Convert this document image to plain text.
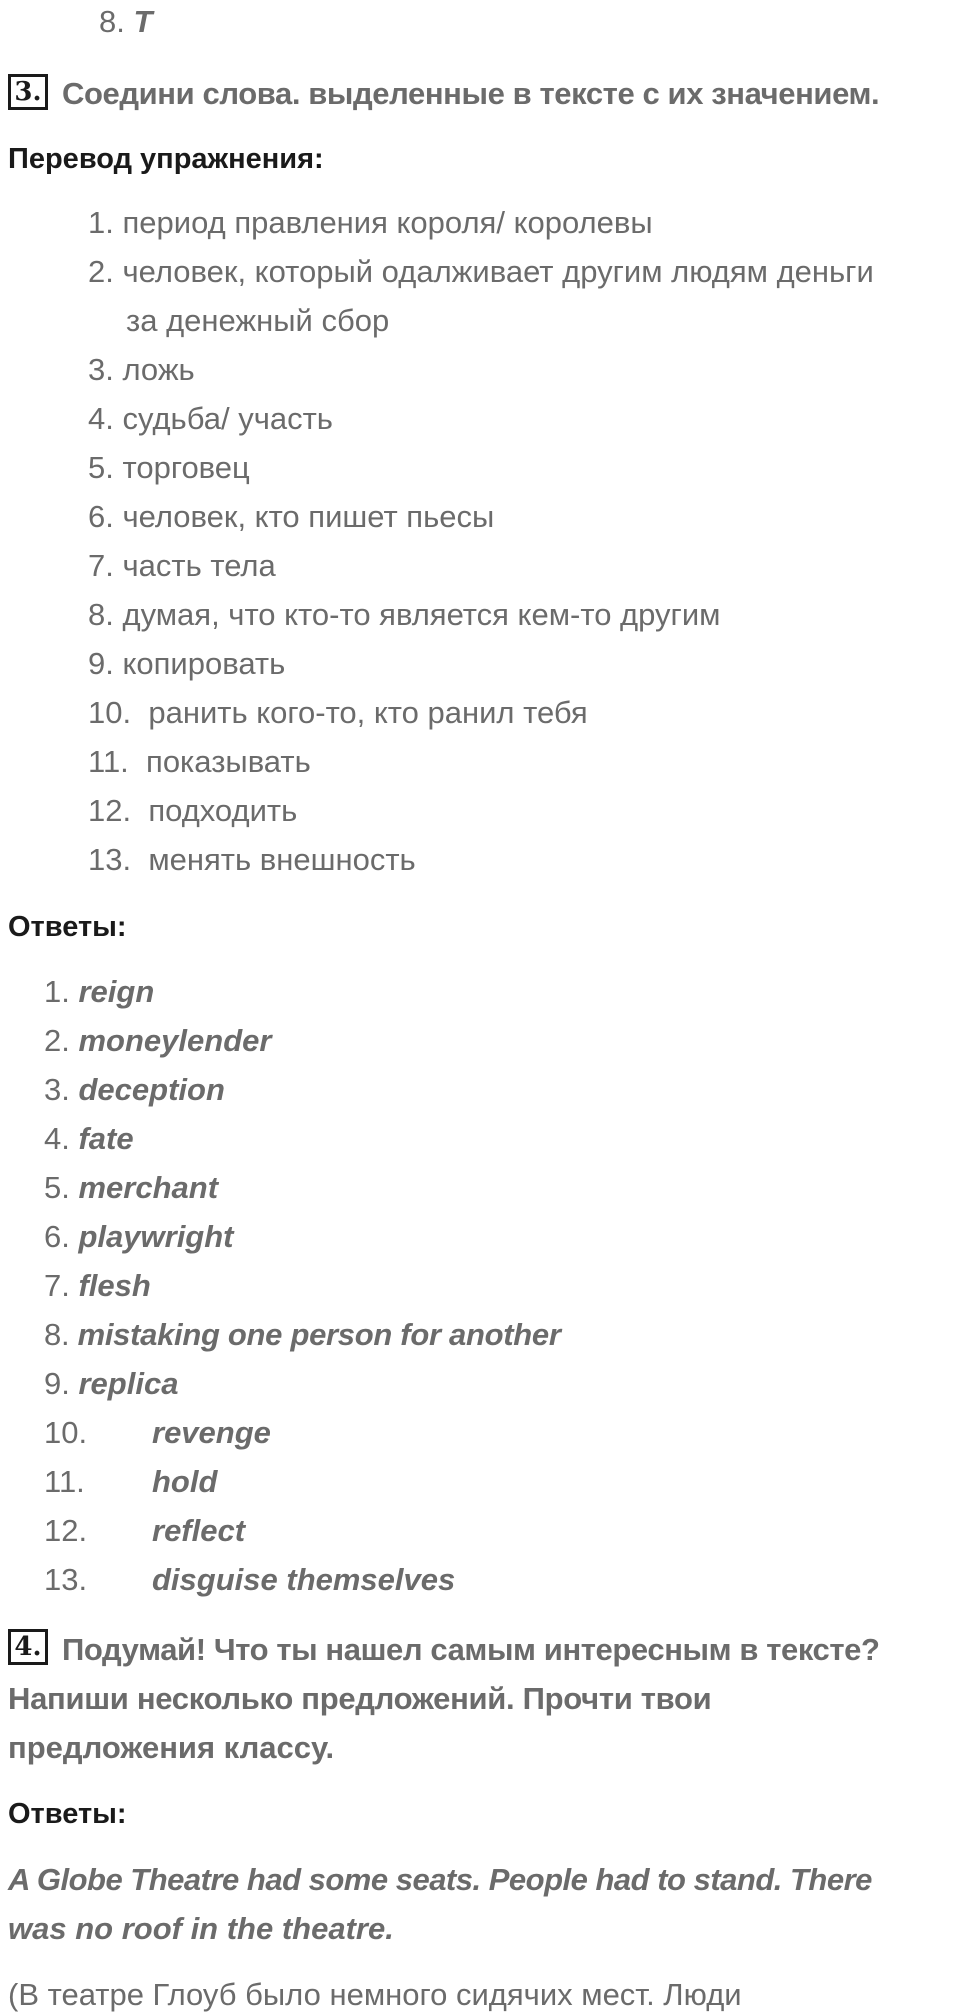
8. T
3. Соедини слова. выделенные в тексте с их значением.
Перевод упражнения:
1. период правления короля/ королевы
2. человек, который одалживает другим людям деньги
за денежный сбор
3. ложь
4. судьба/ участь
5. торговец
6. человек, кто пишет пьесы
7. часть тела
8. думая, что кто-то является кем-то другим
9. копировать
10. ранить кого-то, кто ранил тебя
11. показывать
12. подходить
13. менять внешность
Ответы:
1. reign
2. moneylender
3. deception
4. fate
5. merchant
6. playwright
7. flesh
8. mistaking one person for another
9. replica
10. revenge
11. hold
12. reflect
13. disguise themselves
4. Подумай! Что ты нашел самым интересным в тексте?
Напиши несколько предложений. Прочти твои
предложения классу.
Ответы:
A Globe Theatre had some seats. People had to stand. There
was no roof in the theatre.
(В театре Глоуб было немного сидячих мест. Люди
